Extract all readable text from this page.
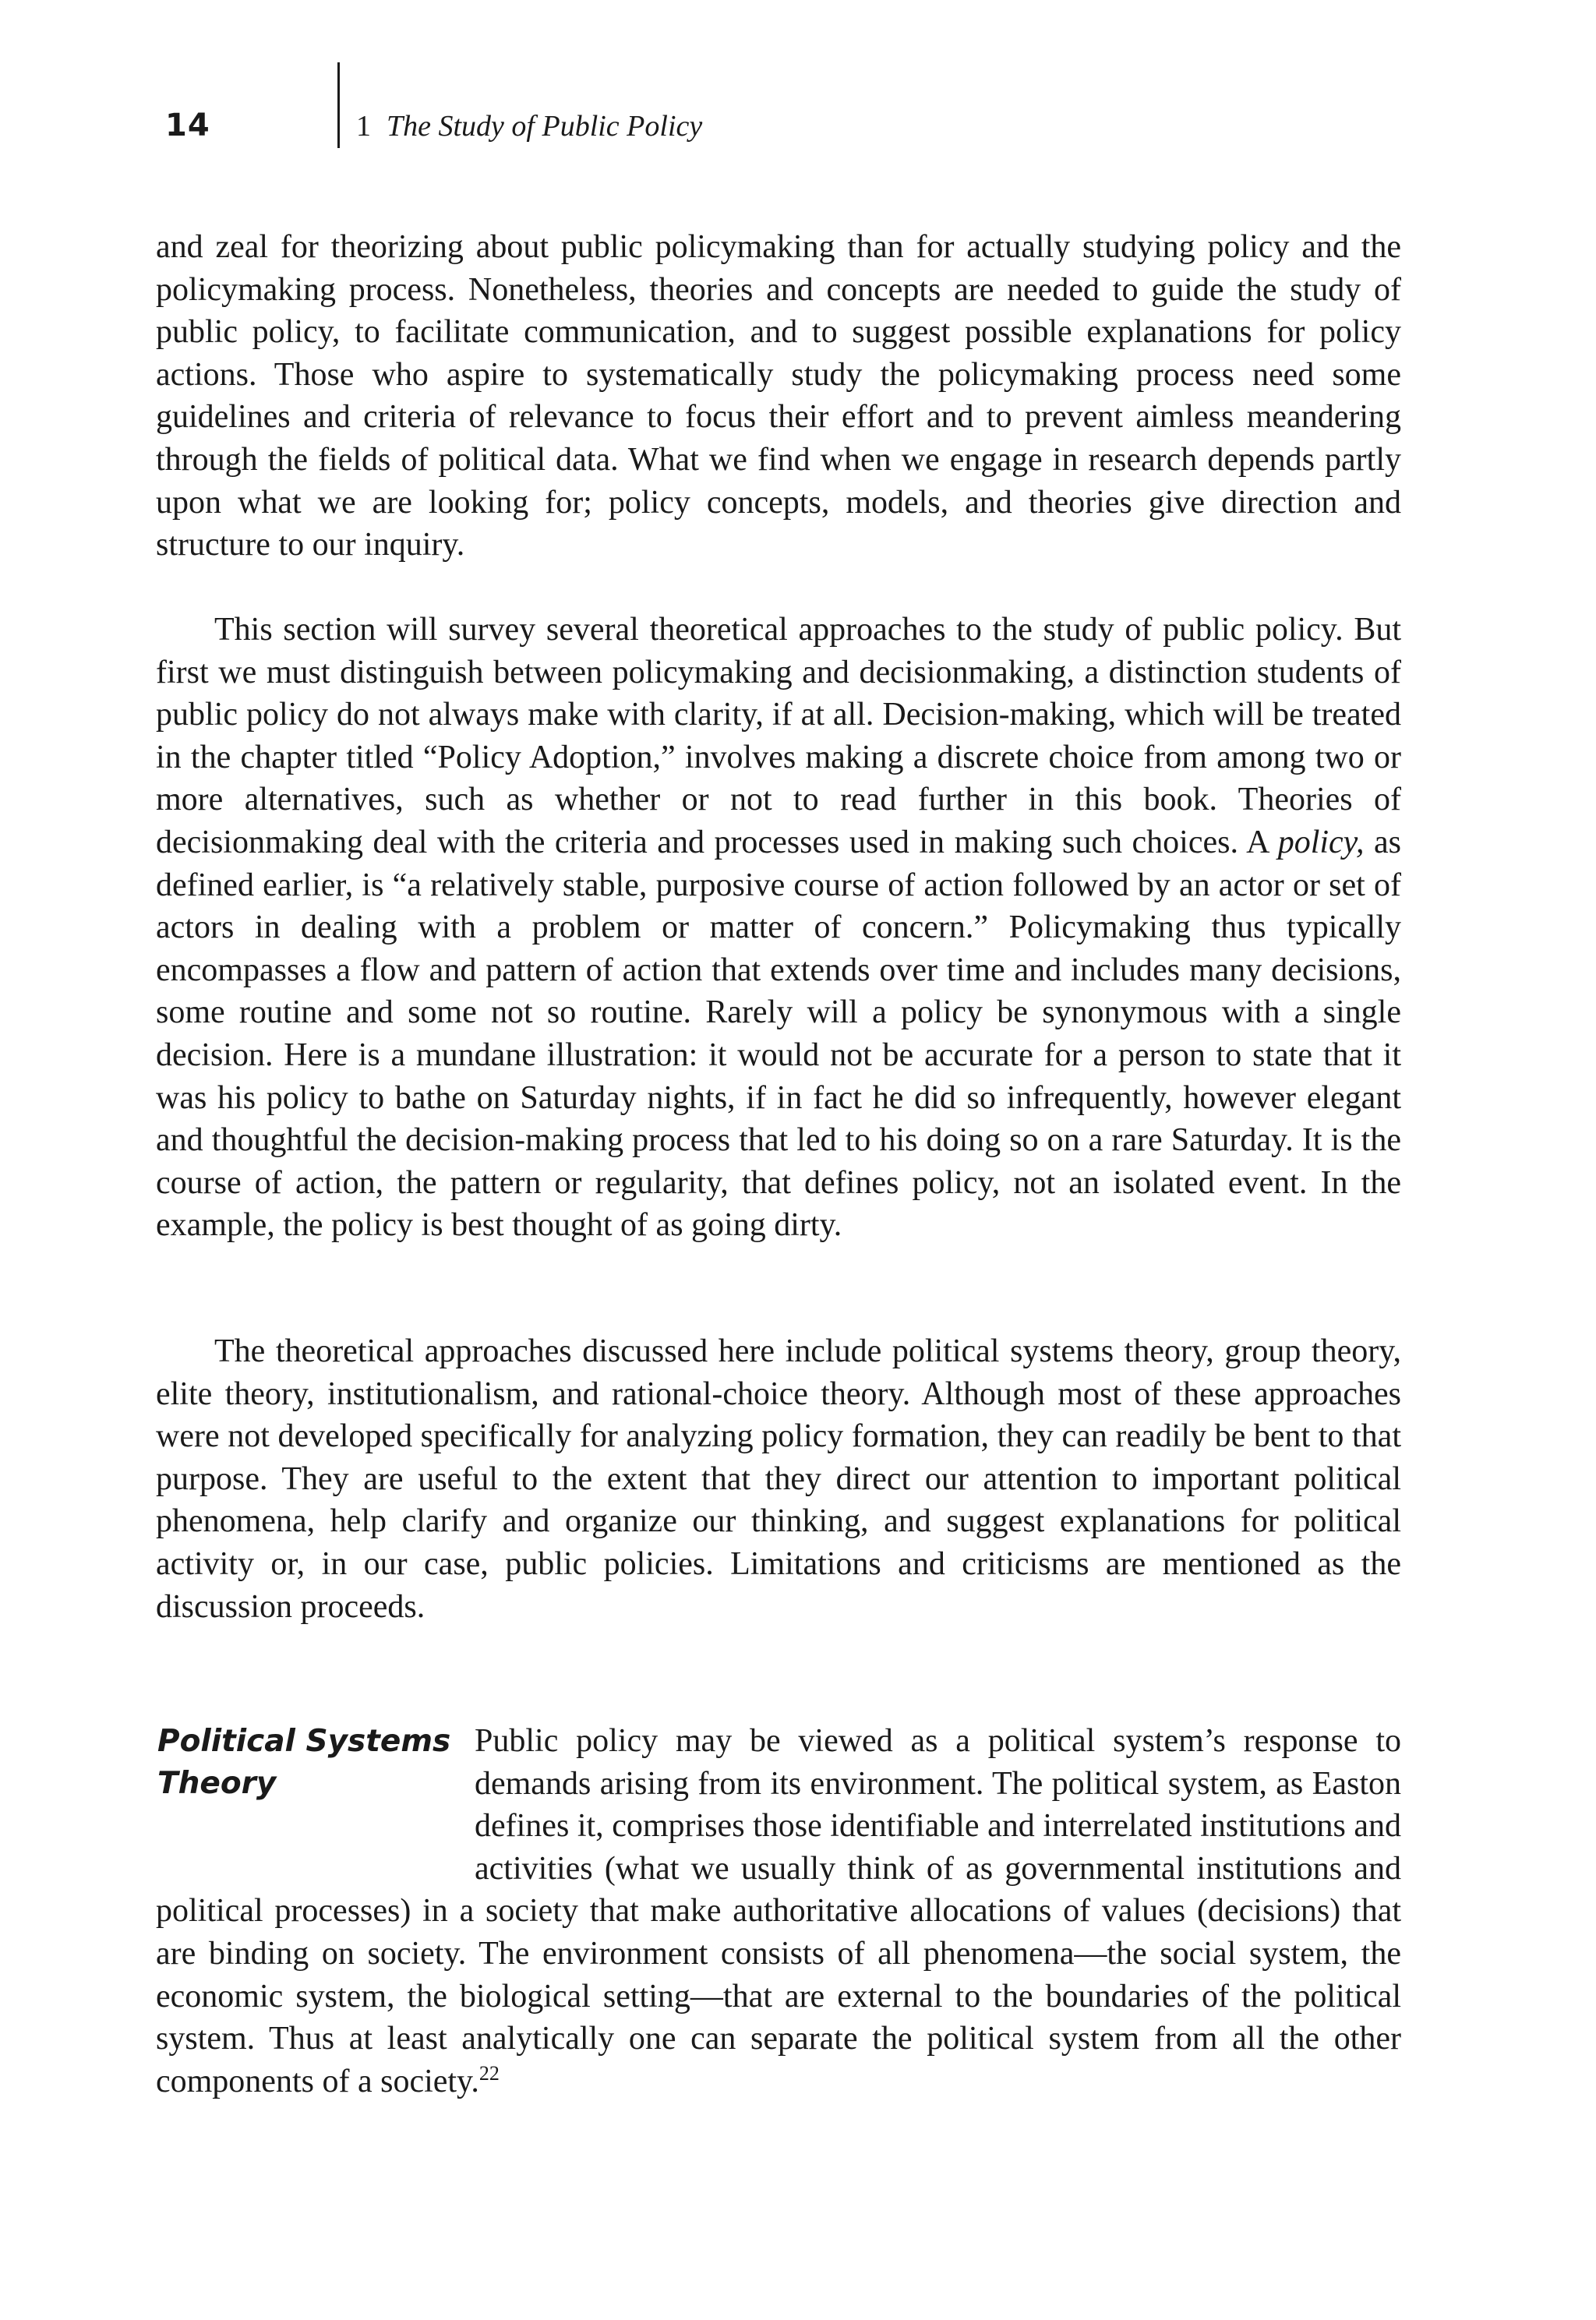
14	1 The Study of Public Policy

and zeal for theorizing about public policymaking than for actually studying policy and the policymaking process. Nonetheless, theories and concepts are needed to guide the study of public policy, to facilitate communication, and to suggest possible explanations for policy actions. Those who aspire to systematically study the policymaking process need some guidelines and criteria of relevance to focus their effort and to prevent aimless meandering through the fields of political data. What we find when we engage in research depends partly upon what we are looking for; policy concepts, models, and theories give direction and structure to our inquiry.

This section will survey several theoretical approaches to the study of public policy. But first we must distinguish between policymaking and decisionmaking, a distinction students of public policy do not always make with clarity, if at all. Decision-making, which will be treated in the chapter titled “Policy Adoption,” involves making a discrete choice from among two or more alternatives, such as whether or not to read further in this book. Theories of decisionmaking deal with the criteria and processes used in making such choices. A policy, as defined earlier, is “a relatively stable, purposive course of action followed by an actor or set of actors in dealing with a problem or matter of concern.” Policymaking thus typically encompasses a flow and pattern of action that extends over time and includes many decisions, some routine and some not so routine. Rarely will a policy be synonymous with a single decision. Here is a mundane illustration: it would not be accurate for a person to state that it was his policy to bathe on Saturday nights, if in fact he did so infrequently, however elegant and thoughtful the decision-making process that led to his doing so on a rare Saturday. It is the course of action, the pattern or regularity, that defines policy, not an isolated event. In the example, the policy is best thought of as going dirty.

The theoretical approaches discussed here include political systems theory, group theory, elite theory, institutionalism, and rational-choice theory. Although most of these approaches were not developed specifically for analyzing policy formation, they can readily be bent to that purpose. They are useful to the extent that they direct our attention to important political phenomena, help clarify and organize our thinking, and suggest explanations for political activity or, in our case, public policies. Limitations and criticisms are mentioned as the discussion proceeds.

Political Systems
Theory

Public policy may be viewed as a political system’s response to demands arising from its environment. The political system, as Easton defines it, comprises those identifiable and interrelated institutions and activities (what we usually think of as governmental institutions and political processes) in a society that make authoritative allocations of values (decisions) that are binding on society. The environment consists of all phenomena—the social system, the economic system, the biological setting—that are external to the boundaries of the political system. Thus at least analytically one can separate the political system from all the other components of a society.$^{22}$
